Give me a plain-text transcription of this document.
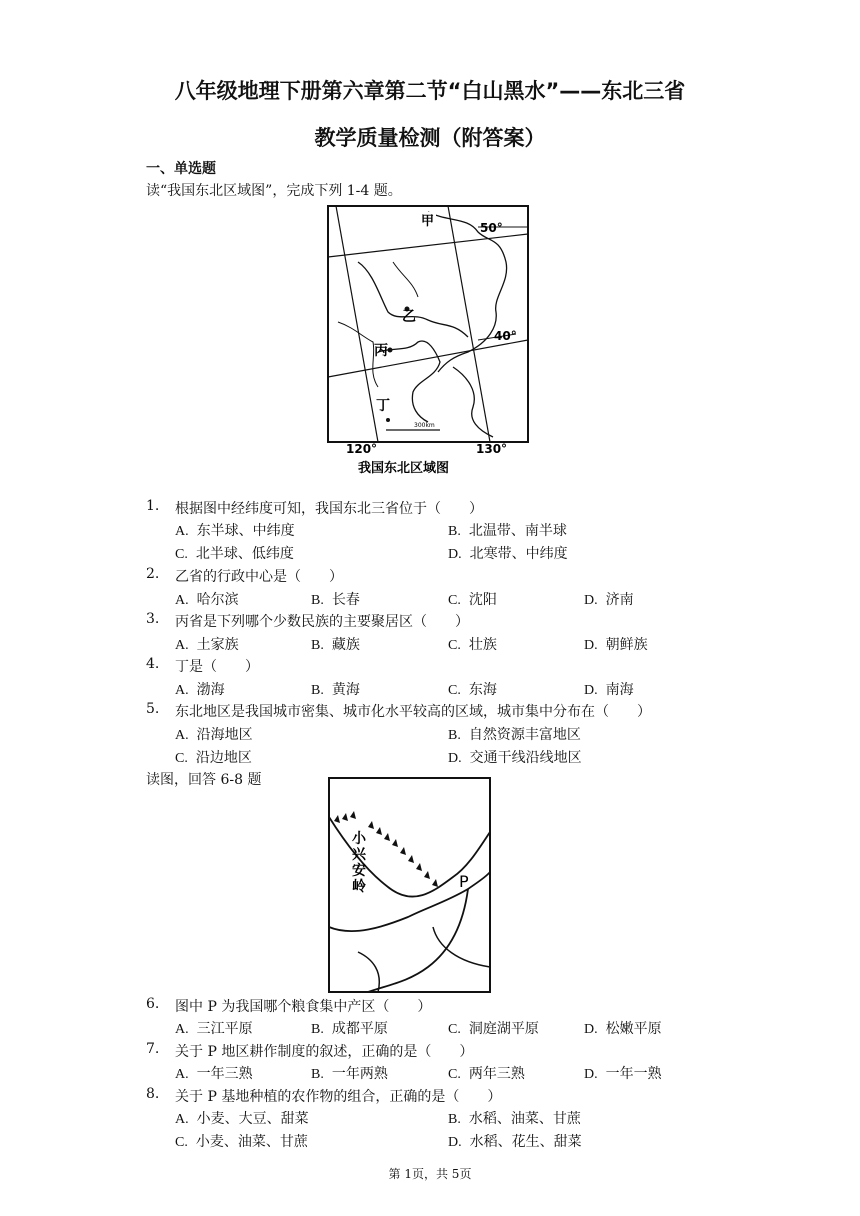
八年级地理下册第六章第二节“白山黑水”——东北三省
教学质量检测（附答案）
一、单选题
读“我国东北区域图”，完成下列 1-4 题。
甲	50°
乙
40°
丙
丁
300km
120°	130°
我国东北区域图
1. 根据图中经纬度可知，我国东北三省位于（　　）
A. 东半球、中纬度	B. 北温带、南半球
C. 北半球、低纬度	D. 北寒带、中纬度
2. 乙省的行政中心是（　　）
A. 哈尔滨	B. 长春	C. 沈阳	D. 济南
3. 丙省是下列哪个少数民族的主要聚居区（　　）
A. 土家族	B. 藏族	C. 壮族	D. 朝鲜族
4. 丁是（　　）
A. 渤海	B. 黄海	C. 东海	D. 南海
5. 东北地区是我国城市密集、城市化水平较高的区域，城市集中分布在（　　）
A. 沿海地区	B. 自然资源丰富地区
C. 沿边地区	D. 交通干线沿线地区
读图，回答 6-8 题
小兴安岭	P
6. 图中 P 为我国哪个粮食集中产区（　　）
A. 三江平原	B. 成都平原	C. 洞庭湖平原	D. 松嫩平原
7. 关于 P 地区耕作制度的叙述，正确的是（　　）
A. 一年三熟	B. 一年两熟	C. 两年三熟	D. 一年一熟
8. 关于 P 基地种植的农作物的组合，正确的是（　　）
A. 小麦、大豆、甜菜	B. 水稻、油菜、甘蔗
C. 小麦、油菜、甘蔗	D. 水稻、花生、甜菜
第 1页，共 5页
